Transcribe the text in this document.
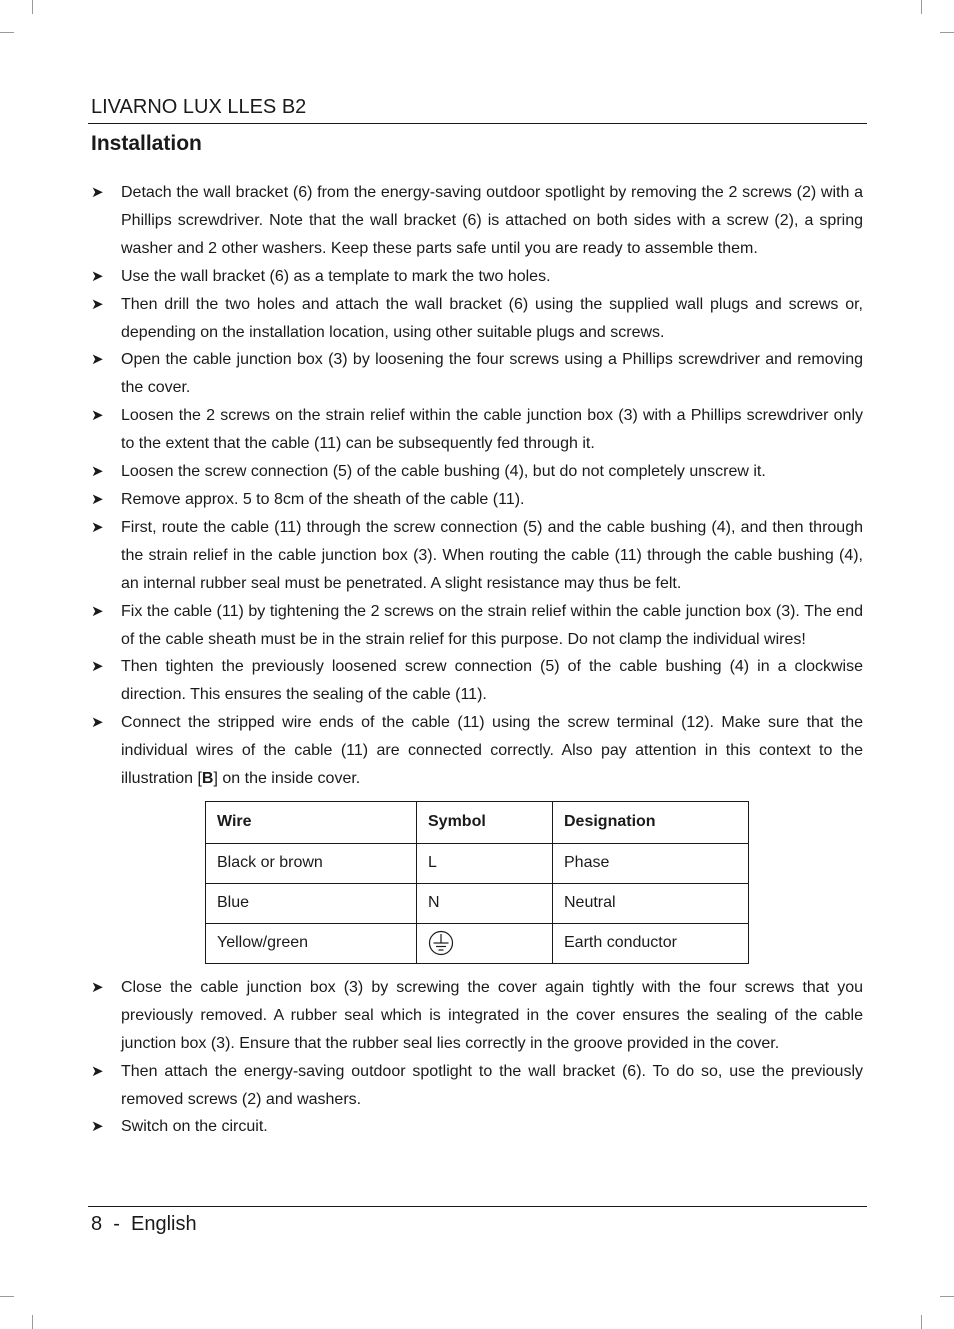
LIVARNO LUX LLES B2
Installation
➤ Detach the wall bracket (6) from the energy-saving outdoor spotlight by removing the 2 screws (2) with a Phillips screwdriver. Note that the wall bracket (6) is attached on both sides with a screw (2), a spring washer and 2 other washers. Keep these parts safe until you are ready to assemble them.
➤ Use the wall bracket (6) as a template to mark the two holes.
➤ Then drill the two holes and attach the wall bracket (6) using the supplied wall plugs and screws or, depending on the installation location, using other suitable plugs and screws.
➤ Open the cable junction box (3) by loosening the four screws using a Phillips screwdriver and removing the cover.
➤ Loosen the 2 screws on the strain relief within the cable junction box (3) with a Phillips screwdriver only to the extent that the cable (11) can be subsequently fed through it.
➤ Loosen the screw connection (5) of the cable bushing (4), but do not completely unscrew it.
➤ Remove approx. 5 to 8cm of the sheath of the cable (11).
➤ First, route the cable (11) through the screw connection (5) and the cable bushing (4), and then through the strain relief in the cable junction box (3). When routing the cable (11) through the cable bushing (4), an internal rubber seal must be penetrated. A slight resistance may thus be felt.
➤ Fix the cable (11) by tightening the 2 screws on the strain relief within the cable junction box (3). The end of the cable sheath must be in the strain relief for this purpose. Do not clamp the individual wires!
➤ Then tighten the previously loosened screw connection (5) of the cable bushing (4) in a clockwise direction. This ensures the sealing of the cable (11).
➤ Connect the stripped wire ends of the cable (11) using the screw terminal (12). Make sure that the individual wires of the cable (11) are connected correctly. Also pay attention in this context to the illustration [B] on the inside cover.
Wire	Symbol	Designation
Black or brown	L	Phase
Blue	N	Neutral
Yellow/green		Earth conductor
➤ Close the cable junction box (3) by screwing the cover again tightly with the four screws that you previously removed. A rubber seal which is integrated in the cover ensures the sealing of the cable junction box (3). Ensure that the rubber seal lies correctly in the groove provided in the cover.
➤ Then attach the energy-saving outdoor spotlight to the wall bracket (6). To do so, use the previously removed screws (2) and washers.
➤ Switch on the circuit.
8  -  English
